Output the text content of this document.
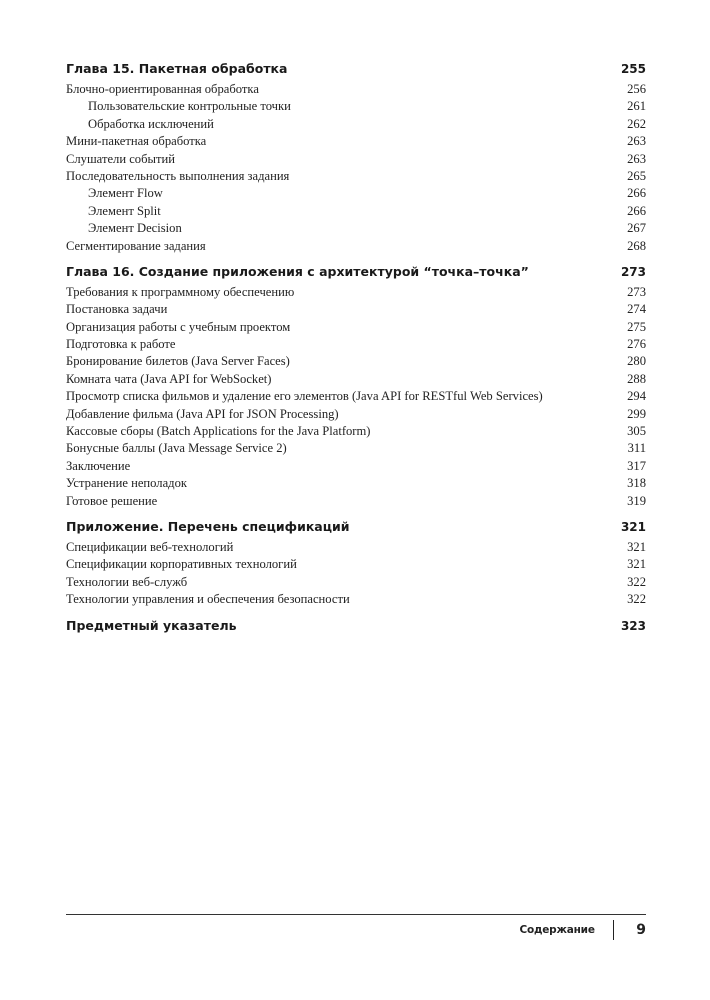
Глава 15. Пакетная обработка	255
Блочно-ориентированная обработка	256
Пользовательские контрольные точки	261
Обработка исключений	262
Мини-пакетная обработка	263
Слушатели событий	263
Последовательность выполнения задания	265
Элемент Flow	266
Элемент Split	266
Элемент Decision	267
Сегментирование задания	268
Глава 16. Создание приложения с архитектурой “точка–точка”	273
Требования к программному обеспечению	273
Постановка задачи	274
Организация работы с учебным проектом	275
Подготовка к работе	276
Бронирование билетов (Java Server Faces)	280
Комната чата (Java API for WebSocket)	288
Просмотр списка фильмов и удаление его элементов (Java API for RESTful Web Services)	294
Добавление фильма (Java API for JSON Processing)	299
Кассовые сборы (Batch Applications for the Java Platform)	305
Бонусные баллы (Java Message Service 2)	311
Заключение	317
Устранение неполадок	318
Готовое решение	319
Приложение. Перечень спецификаций	321
Спецификации веб-технологий	321
Спецификации корпоративных технологий	321
Технологии веб-служб	322
Технологии управления и обеспечения безопасности	322
Предметный указатель	323
Содержание	9
